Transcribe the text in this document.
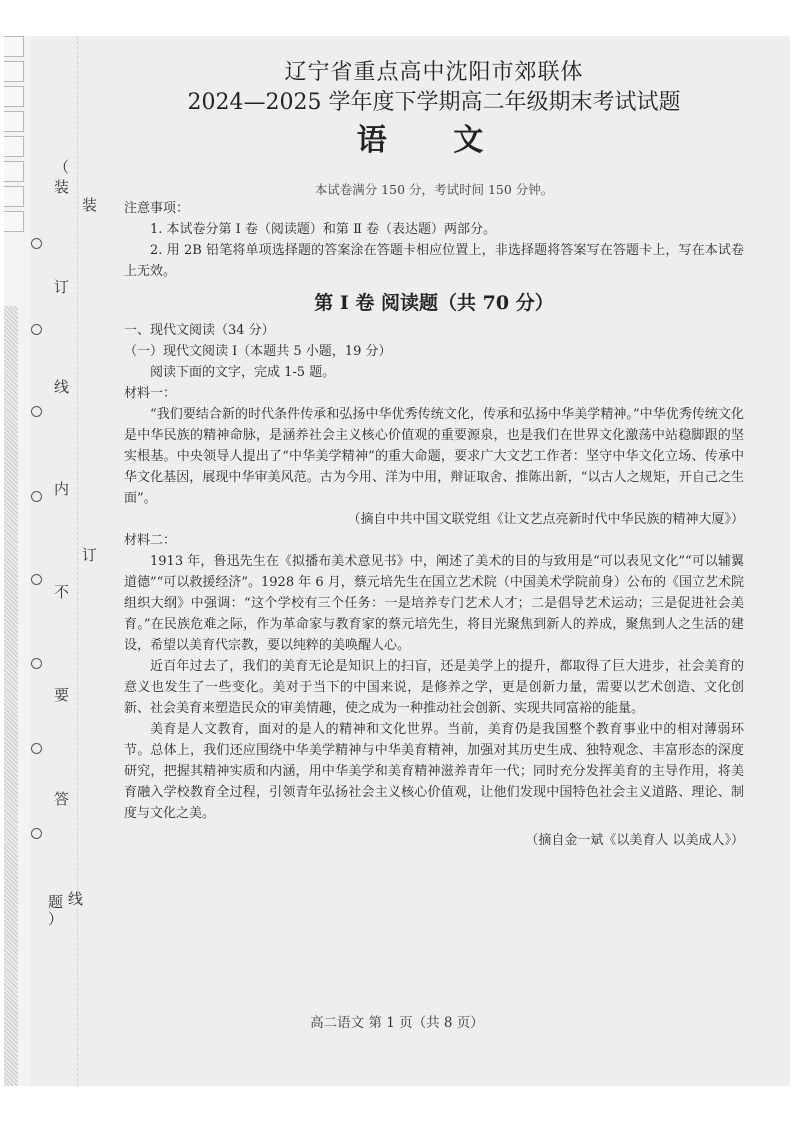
（
装
订
线
内
不
要
答
题
）
装
订
线
辽宁省重点高中沈阳市郊联体
2024—2025 学年度下学期高二年级期末考试试题
语 文
本试卷满分 150 分，考试时间 150 分钟。

注意事项：

1. 本试卷分第 Ⅰ 卷（阅读题）和第 Ⅱ 卷（表达题）两部分。

2. 用 2B 铅笔将单项选择题的答案涂在答题卡相应位置上，非选择题将答案写在答题卡上，写在本试卷上无效。

第 Ⅰ 卷 阅读题（共 70 分）

一、现代文阅读（34 分）

（一）现代文阅读 Ⅰ（本题共 5 小题，19 分）

阅读下面的文字，完成 1-5 题。

材料一：

“我们要结合新的时代条件传承和弘扬中华优秀传统文化，传承和弘扬中华美学精神。”中华优秀传统文化是中华民族的精神命脉，是涵养社会主义核心价值观的重要源泉，也是我们在世界文化激荡中站稳脚跟的坚实根基。中央领导人提出了“中华美学精神”的重大命题，要求广大文艺工作者：坚守中华文化立场、传承中华文化基因，展现中华审美风范。古为今用、洋为中用，辩证取舍、推陈出新，“以古人之规矩，开自己之生面”。

（摘自中共中国文联党组《让文艺点亮新时代中华民族的精神大厦》）

材料二：

1913 年，鲁迅先生在《拟播布美术意见书》中，阐述了美术的目的与致用是“可以表见文化”“可以辅翼道德”“可以救援经济”。1928 年 6 月，蔡元培先生在国立艺术院（中国美术学院前身）公布的《国立艺术院组织大纲》中强调：“这个学校有三个任务：一是培养专门艺术人才；二是倡导艺术运动；三是促进社会美育。”在民族危难之际，作为革命家与教育家的蔡元培先生，将目光聚焦到新人的养成，聚焦到人之生活的建设，希望以美育代宗教，要以纯粹的美唤醒人心。

近百年过去了，我们的美育无论是知识上的扫盲，还是美学上的提升，都取得了巨大进步，社会美育的意义也发生了一些变化。美对于当下的中国来说，是修养之学，更是创新力量，需要以艺术创造、文化创新、社会美育来塑造民众的审美情趣，使之成为一种推动社会创新、实现共同富裕的能量。

美育是人文教育，面对的是人的精神和文化世界。当前，美育仍是我国整个教育事业中的相对薄弱环节。总体上，我们还应围绕中华美学精神与中华美育精神，加强对其历史生成、独特观念、丰富形态的深度研究，把握其精神实质和内涵，用中华美学和美育精神滋养青年一代；同时充分发挥美育的主导作用，将美育融入学校教育全过程，引领青年弘扬社会主义核心价值观，让他们发现中国特色社会主义道路、理论、制度与文化之美。

（摘自金一斌《以美育人 以美成人》）

高二语文 第 1 页（共 8 页）
